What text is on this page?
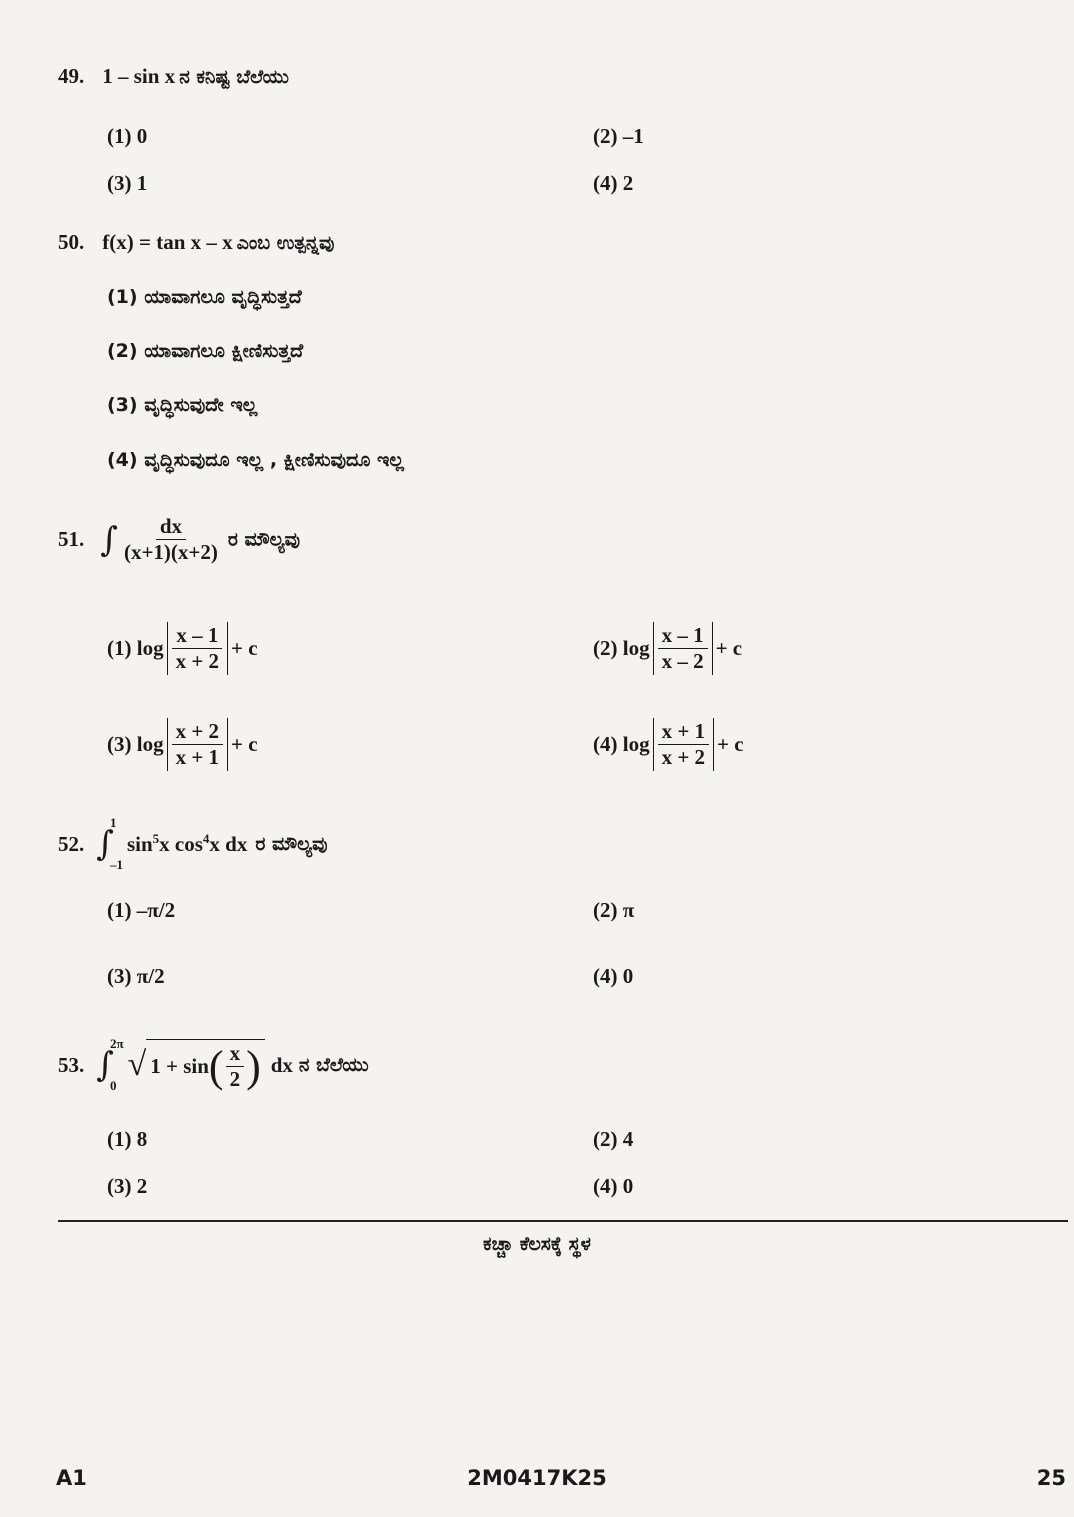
49. 1 – sin x ನ ಕನಿಷ್ಟ ಬೆಲೆಯು
(1) 0	(2) –1
(3) 1	(4) 2
50. f(x) = tan x – x ಎಂಬ ಉತ್ಪನ್ನವು
(1) ಯಾವಾಗಲೂ ವೃದ್ಧಿಸುತ್ತದೆ
(2) ಯಾವಾಗಲೂ ಕ್ಷೀಣಿಸುತ್ತದೆ
(3) ವೃದ್ಧಿಸುವುದೇ ಇಲ್ಲ
(4) ವೃದ್ಧಿಸುವುದೂ ಇಲ್ಲ , ಕ್ಷೀಣಿಸುವುದೂ ಇಲ್ಲ
51. ∫ $\frac{dx}{(x+1)(x+2)}$ ರ ಮೌಲ್ಯವು
(1) $\log \frac{x - 1}{x + 2} + c$	(2) $\log \frac{x - 1}{x - 2} + c$
(3) $\log \frac{x + 2}{x + 1} + c$	(4) $\log \frac{x + 1}{x + 2} + c$
52. ∫
1
–1
$\sin^5x$ $\cos^4x$ dx ರ ಮೌಲ್ಯವು
(1) –π/2	(2) π
(3) π/2	(4) 0
53. ∫
2π
0
√ 1 + sin ( $\frac{x}{2}$ ) dx ನ ಬೆಲೆಯು
(1) 8	(2) 4
(3) 2	(4) 0
ಕಚ್ಚಾ ಕೆಲಸಕ್ಕೆ ಸ್ಥಳ
A1	2M0417K25	25
